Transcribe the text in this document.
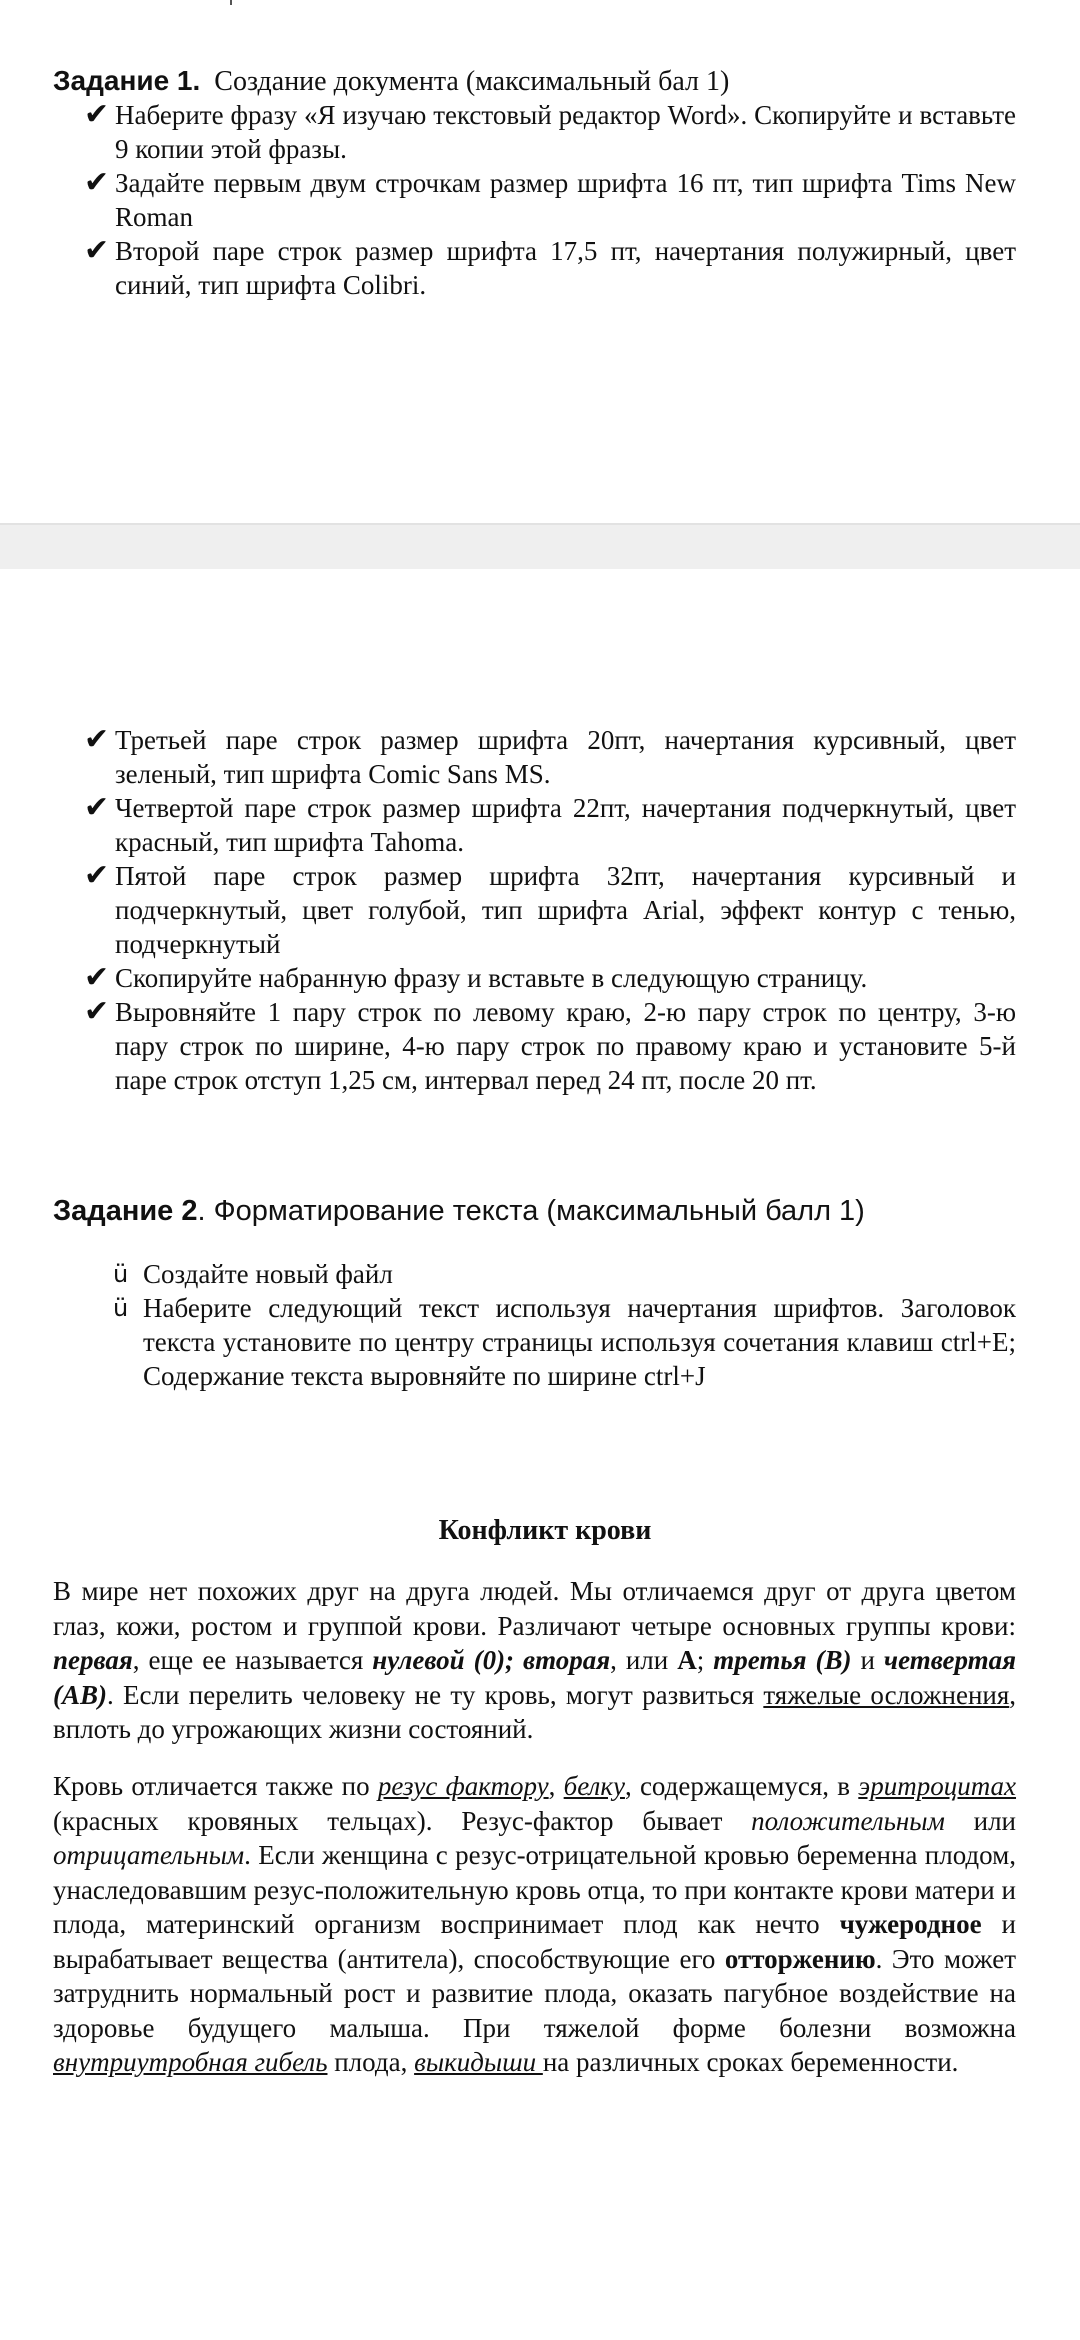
Задание 1. Создание документа (максимальный бал 1)
✔ Наберите фразу «Я изучаю текстовый редактор Word». Скопируйте и вставьте 9 копии этой фразы.
✔ Задайте первым двум строчкам размер шрифта 16 пт, тип шрифта Tims New Roman
✔ Второй паре строк размер шрифта 17,5 пт, начертания полужирный, цвет синий, тип шрифта Colibri.
✔ Третьей паре строк размер шрифта 20пт, начертания курсивный, цвет зеленый, тип шрифта Comic Sans MS.
✔ Четвертой паре строк размер шрифта 22пт, начертания подчеркнутый, цвет красный, тип шрифта Tahoma.
✔ Пятой паре строк размер шрифта 32пт, начертания курсивный и подчеркнутый, цвет голубой, тип шрифта Arial, эффект контур с тенью, подчеркнутый
✔ Скопируйте набранную фразу и вставьте в следующую страницу.
✔ Выровняйте 1 пару строк по левому краю, 2-ю пару строк по центру, 3-ю пару строк по ширине, 4-ю пару строк по правому краю и установите 5-й паре строк отступ 1,25 см, интервал перед 24 пт, после 20 пт.
Задание 2. Форматирование текста (максимальный балл 1)
ü Создайте новый файл
ü Наберите следующий текст используя начертания шрифтов. Заголовок текста установите по центру страницы используя сочетания клавиш ctrl+E; Содержание текста выровняйте по ширине ctrl+J
Конфликт крови

В мире нет похожих друг на друга людей. Мы отличаемся друг от друга цветом глаз, кожи, ростом и группой крови. Различают четыре основных группы крови: первая, еще ее называется нулевой (0); вторая, или А; третья (В) и четвертая (АВ). Если перелить человеку не ту кровь, могут развиться тяжелые осложнения, вплоть до угрожающих жизни состояний.

Кровь отличается также по резус фактору, белку, содержащемуся, в эритроцитах (красных кровяных тельцах). Резус-фактор бывает положительным или отрицательным. Если женщина с резус-отрицательной кровью беременна плодом, унаследовавшим резус-положительную кровь отца, то при контакте крови матери и плода, материнский организм воспринимает плод как нечто чужеродное и вырабатывает вещества (антитела), способствующие его отторжению. Это может затруднить нормальный рост и развитие плода, оказать пагубное воздействие на здоровье будущего малыша. При тяжелой форме болезни возможна внутриутробная гибель плода, выкидыши на различных сроках беременности.
